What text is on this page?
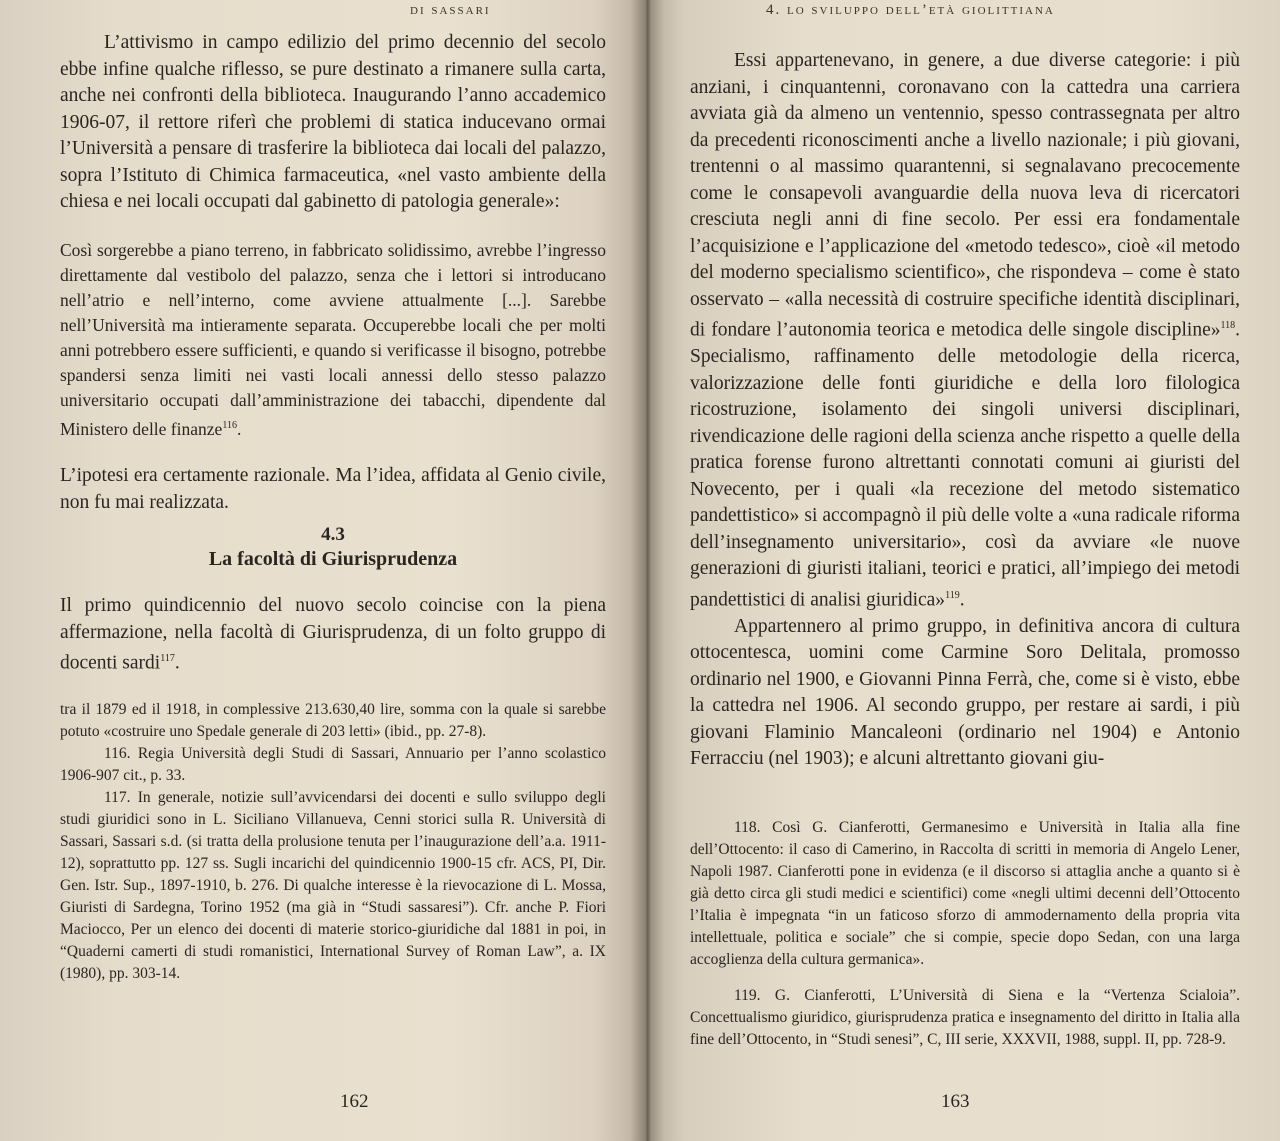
di sassari

L’attivismo in campo edilizio del primo decennio del secolo ebbe infine qualche riflesso, se pure destinato a rimanere sulla carta, anche nei confronti della biblioteca. Inaugurando l’anno accademico 1906-07, il rettore riferì che problemi di statica inducevano ormai l’Università a pensare di trasferire la biblioteca dai locali del palazzo, sopra l’Istituto di Chimica farmaceutica, «nel vasto ambiente della chiesa e nei locali occupati dal gabinetto di patologia generale»:

Così sorgerebbe a piano terreno, in fabbricato solidissimo, avrebbe l’ingresso direttamente dal vestibolo del palazzo, senza che i lettori si introducano nell’atrio e nell’interno, come avviene attualmente [...]. Sarebbe nell’Università ma intieramente separata. Occuperebbe locali che per molti anni potrebbero essere sufficienti, e quando si verificasse il bisogno, potrebbe spandersi senza limiti nei vasti locali annessi dello stesso palazzo universitario occupati dall’amministrazione dei tabacchi, dipendente dal Ministero delle finanze$^{116}$.

L’ipotesi era certamente razionale. Ma l’idea, affidata al Genio civile, non fu mai realizzata.

4.3
La facoltà di Giurisprudenza

Il primo quindicennio del nuovo secolo coincise con la piena affermazione, nella facoltà di Giurisprudenza, di un folto gruppo di docenti sardi$^{117}$.

tra il 1879 ed il 1918, in complessive 213.630,40 lire, somma con la quale si sarebbe potuto «costruire uno Spedale generale di 203 letti» (ibid., pp. 27-8).

116. Regia Università degli Studi di Sassari, Annuario per l’anno scolastico 1906-907 cit., p. 33.

117. In generale, notizie sull’avvicendarsi dei docenti e sullo sviluppo degli studi giuridici sono in L. Siciliano Villanueva, Cenni storici sulla R. Università di Sassari, Sassari s.d. (si tratta della prolusione tenuta per l’inaugurazione dell’a.a. 1911-12), soprattutto pp. 127 ss. Sugli incarichi del quindicennio 1900-15 cfr. ACS, PI, Dir. Gen. Istr. Sup., 1897-1910, b. 276. Di qualche interesse è la rievocazione di L. Mossa, Giuristi di Sardegna, Torino 1952 (ma già in “Studi sassaresi”). Cfr. anche P. Fiori Maciocco, Per un elenco dei docenti di materie storico-giuridiche dal 1881 in poi, in “Quaderni camerti di studi romanistici, International Survey of Roman Law”, a. IX (1980), pp. 303-14.

162
4. lo sviluppo dell’età giolittiana

Essi appartenevano, in genere, a due diverse categorie: i più anziani, i cinquantenni, coronavano con la cattedra una carriera avviata già da almeno un ventennio, spesso contrassegnata per altro da precedenti riconoscimenti anche a livello nazionale; i più giovani, trentenni o al massimo quarantenni, si segnalavano precocemente come le consapevoli avanguardie della nuova leva di ricercatori cresciuta negli anni di fine secolo. Per essi era fondamentale l’acquisizione e l’applicazione del «metodo tedesco», cioè «il metodo del moderno specialismo scientifico», che rispondeva – come è stato osservato – «alla necessità di costruire specifiche identità disciplinari, di fondare l’autonomia teorica e metodica delle singole discipline»$^{118}$. Specialismo, raffinamento delle metodologie della ricerca, valorizzazione delle fonti giuridiche e della loro filologica ricostruzione, isolamento dei singoli universi disciplinari, rivendicazione delle ragioni della scienza anche rispetto a quelle della pratica forense furono altrettanti connotati comuni ai giuristi del Novecento, per i quali «la recezione del metodo sistematico pandettistico» si accompagnò il più delle volte a «una radicale riforma dell’insegnamento universitario», così da avviare «le nuove generazioni di giuristi italiani, teorici e pratici, all’impiego dei metodi pandettistici di analisi giuridica»$^{119}$.

Appartennero al primo gruppo, in definitiva ancora di cultura ottocentesca, uomini come Carmine Soro Delitala, promosso ordinario nel 1900, e Giovanni Pinna Ferrà, che, come si è visto, ebbe la cattedra nel 1906. Al secondo gruppo, per restare ai sardi, i più giovani Flaminio Mancaleoni (ordinario nel 1904) e Antonio Ferracciu (nel 1903); e alcuni altrettanto giovani giu-

118. Così G. Cianferotti, Germanesimo e Università in Italia alla fine dell’Ottocento: il caso di Camerino, in Raccolta di scritti in memoria di Angelo Lener, Napoli 1987. Cianferotti pone in evidenza (e il discorso si attaglia anche a quanto si è già detto circa gli studi medici e scientifici) come «negli ultimi decenni dell’Ottocento l’Italia è impegnata “in un faticoso sforzo di ammodernamento della propria vita intellettuale, politica e sociale” che si compie, specie dopo Sedan, con una larga accoglienza della cultura germanica».

119. G. Cianferotti, L’Università di Siena e la “Vertenza Scialoia”. Concettualismo giuridico, giurisprudenza pratica e insegnamento del diritto in Italia alla fine dell’Ottocento, in “Studi senesi”, C, III serie, XXXVII, 1988, suppl. II, pp. 728-9.

163
